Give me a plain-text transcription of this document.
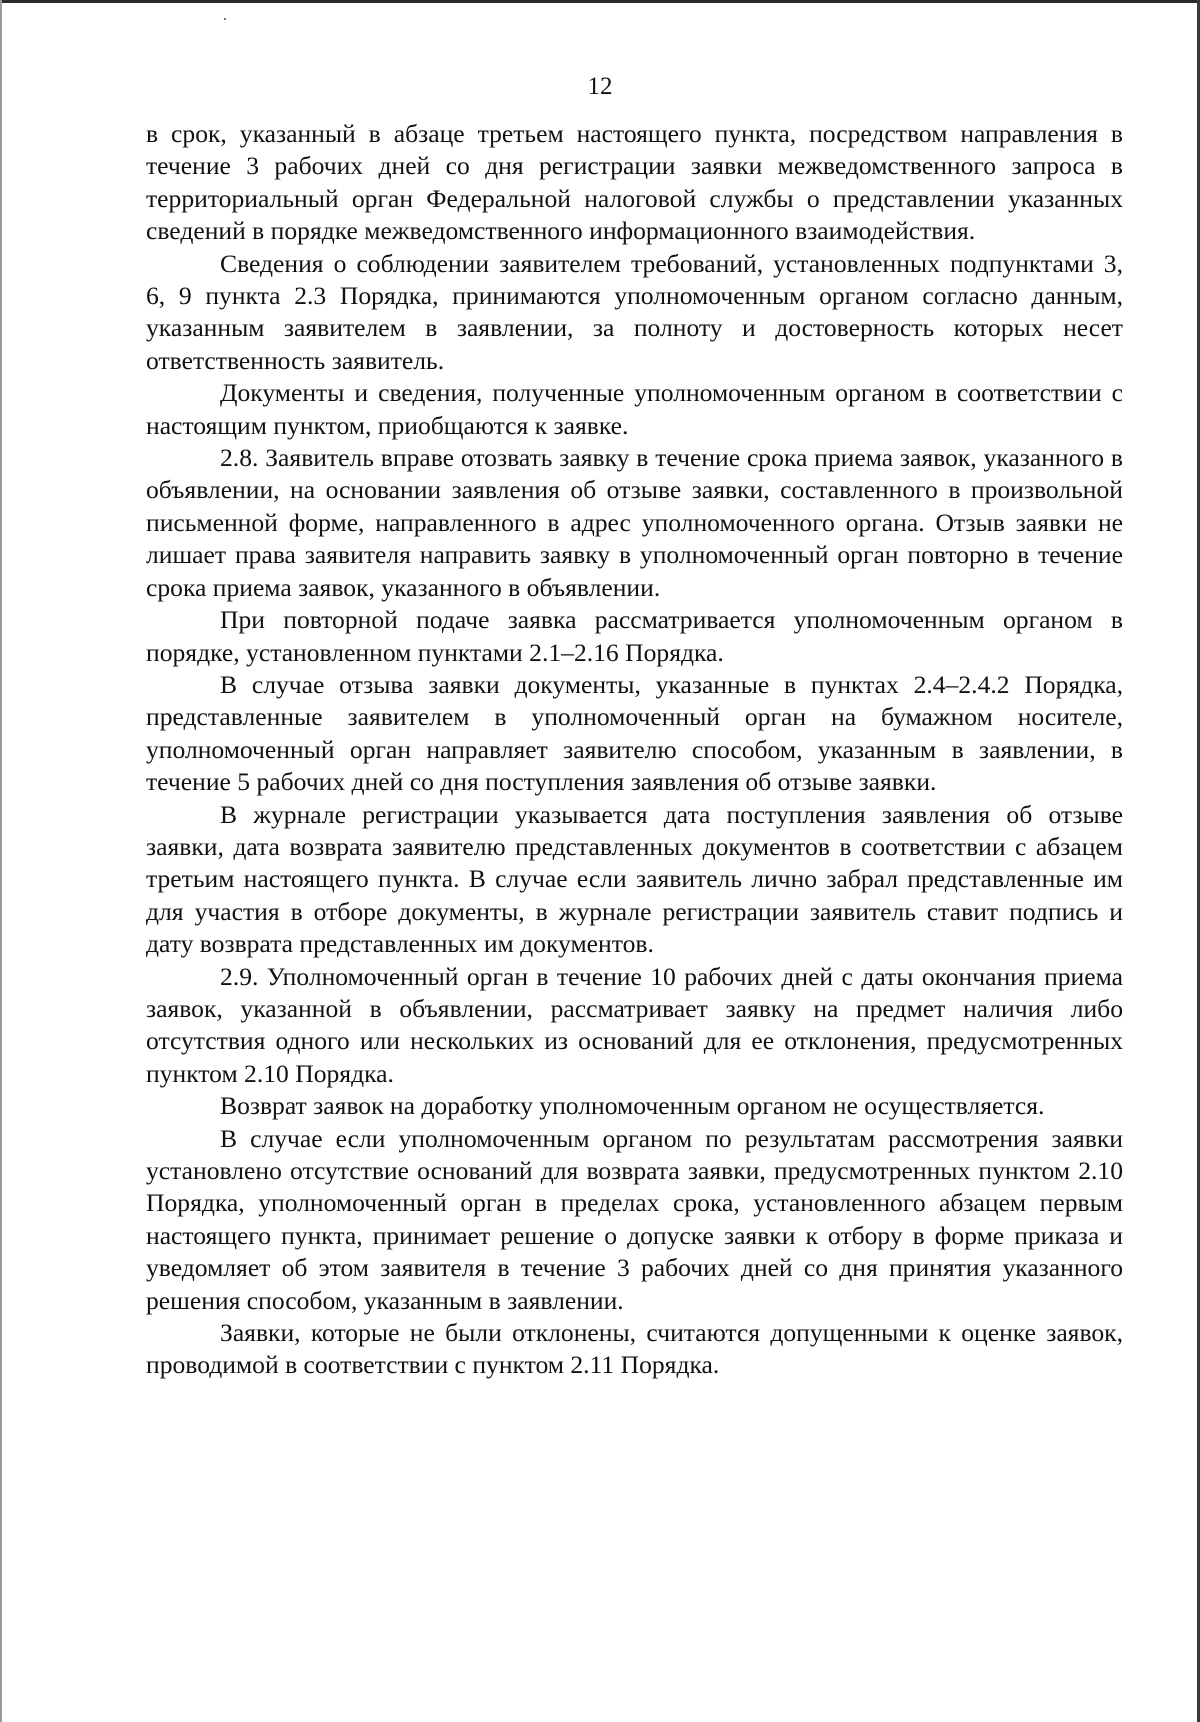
12

в срок, указанный в абзаце третьем настоящего пункта, посредством направления в течение 3 рабочих дней со дня регистрации заявки межведомственного запроса в территориальный орган Федеральной налоговой службы о представлении указанных сведений в порядке межведомственного информационного взаимодействия.

Сведения о соблюдении заявителем требований, установленных подпунктами 3, 6, 9 пункта 2.3 Порядка, принимаются уполномоченным органом согласно данным, указанным заявителем в заявлении, за полноту и достоверность которых несет ответственность заявитель.

Документы и сведения, полученные уполномоченным органом в соответствии с настоящим пунктом, приобщаются к заявке.

2.8. Заявитель вправе отозвать заявку в течение срока приема заявок, указанного в объявлении, на основании заявления об отзыве заявки, составленного в произвольной письменной форме, направленного в адрес уполномоченного органа. Отзыв заявки не лишает права заявителя направить заявку в уполномоченный орган повторно в течение срока приема заявок, указанного в объявлении.

При повторной подаче заявка рассматривается уполномоченным органом в порядке, установленном пунктами 2.1–2.16 Порядка.

В случае отзыва заявки документы, указанные в пунктах 2.4–2.4.2 Порядка, представленные заявителем в уполномоченный орган на бумажном носителе, уполномоченный орган направляет заявителю способом, указанным в заявлении, в течение 5 рабочих дней со дня поступления заявления об отзыве заявки.

В журнале регистрации указывается дата поступления заявления об отзыве заявки, дата возврата заявителю представленных документов в соответствии с абзацем третьим настоящего пункта. В случае если заявитель лично забрал представленные им для участия в отборе документы, в журнале регистрации заявитель ставит подпись и дату возврата представленных им документов.

2.9. Уполномоченный орган в течение 10 рабочих дней с даты окончания приема заявок, указанной в объявлении, рассматривает заявку на предмет наличия либо отсутствия одного или нескольких из оснований для ее отклонения, предусмотренных пунктом 2.10 Порядка.

Возврат заявок на доработку уполномоченным органом не осуществляется.

В случае если уполномоченным органом по результатам рассмотрения заявки установлено отсутствие оснований для возврата заявки, предусмотренных пунктом 2.10 Порядка, уполномоченный орган в пределах срока, установленного абзацем первым настоящего пункта, принимает решение о допуске заявки к отбору в форме приказа и уведомляет об этом заявителя в течение 3 рабочих дней со дня принятия указанного решения способом, указанным в заявлении.

Заявки, которые не были отклонены, считаются допущенными к оценке заявок, проводимой в соответствии с пунктом 2.11 Порядка.
